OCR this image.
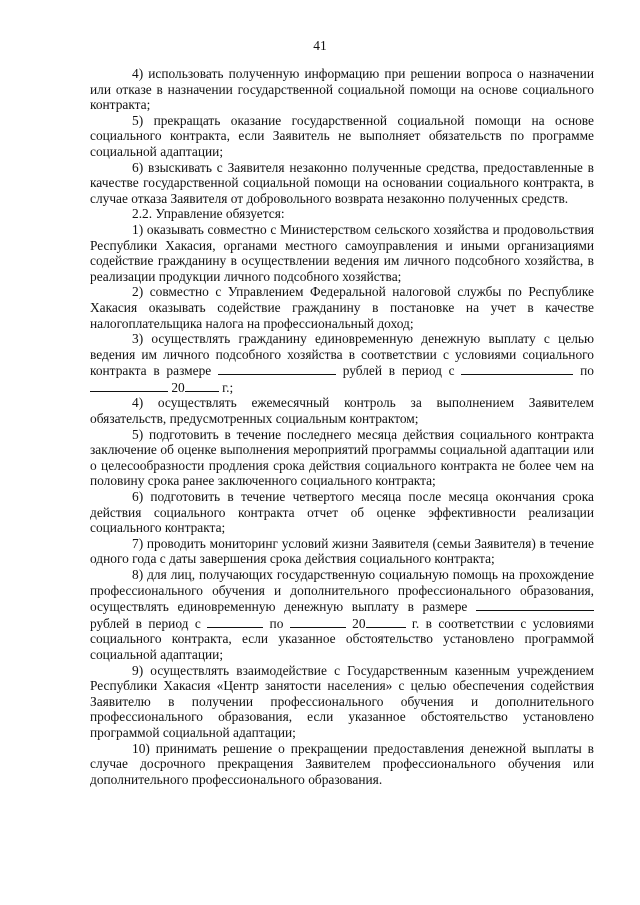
41

4) использовать полученную информацию при решении вопроса о назначении или отказе в назначении государственной социальной помощи на основе социального контракта;

5) прекращать оказание государственной социальной помощи на основе социального контракта, если Заявитель не выполняет обязательств по программе социальной адаптации;

6) взыскивать с Заявителя незаконно полученные средства, предоставленные в качестве государственной социальной помощи на основании социального контракта, в случае отказа Заявителя от добровольного возврата незаконно полученных средств.

2.2. Управление обязуется:

1) оказывать совместно с Министерством сельского хозяйства и продовольствия Республики Хакасия, органами местного самоуправления и иными организациями содействие гражданину в осуществлении ведения им личного подсобного хозяйства, в реализации продукции личного подсобного хозяйства;

2) совместно с Управлением Федеральной налоговой службы по Республике Хакасия оказывать содействие гражданину в постановке на учет в качестве налогоплательщика налога на профессиональный доход;

3) осуществлять гражданину единовременную денежную выплату с целью ведения им личного подсобного хозяйства в соответствии с условиями социального контракта в размере	рублей в период с	по  20	г.;

4) осуществлять ежемесячный контроль за выполнением Заявителем обязательств, предусмотренных социальным контрактом;

5) подготовить в течение последнего месяца действия социального контракта заключение об оценке выполнения мероприятий программы социальной адаптации или о целесообразности продления срока действия социального контракта не более чем на половину срока ранее заключенного социального контракта;

6) подготовить в течение четвертого месяца после месяца окончания срока действия социального контракта отчет об оценке эффективности реализации социального контракта;

7) проводить мониторинг условий жизни Заявителя (семьи Заявителя) в течение одного года с даты завершения срока действия социального контракта;

8) для лиц, получающих государственную социальную помощь на прохождение профессионального обучения и дополнительного профессионального образования, осуществлять единовременную денежную выплату в размере  рублей в период с	по	20	г. в соответствии с условиями социального контракта, если указанное обстоятельство установлено программой социальной адаптации;

9) осуществлять взаимодействие с Государственным казенным учреждением Республики Хакасия «Центр занятости населения» с целью обеспечения содействия Заявителю в получении профессионального обучения и дополнительного профессионального образования, если указанное обстоятельство установлено программой социальной адаптации;

10) принимать решение о прекращении предоставления денежной выплаты в случае досрочного прекращения Заявителем профессионального обучения или дополнительного профессионального образования.
